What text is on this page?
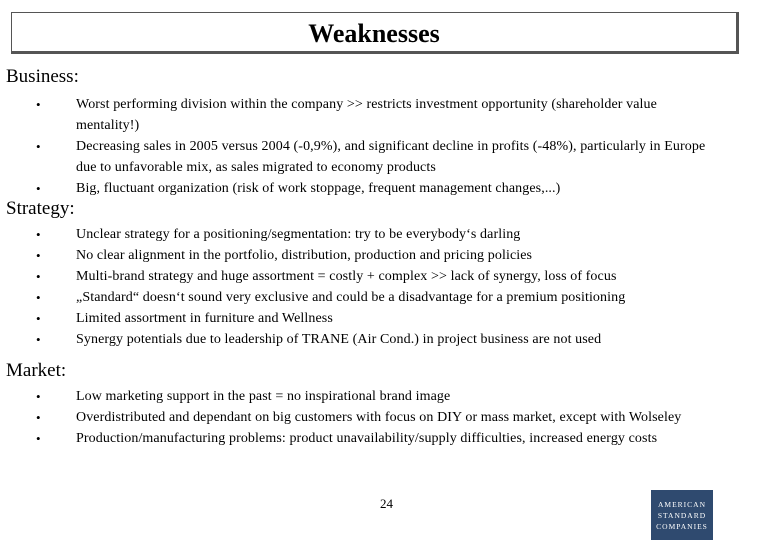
Weaknesses
Business:
•	Worst performing division within the company >> restricts investment opportunity (shareholder value mentality!)
•	Decreasing sales in 2005 versus 2004 (-0,9%), and significant decline in profits (-48%), particularly in Europe due to unfavorable mix, as sales migrated to economy products
•	Big, fluctuant organization (risk of work stoppage, frequent management changes,...)
Strategy:
•	Unclear strategy for a positioning/segmentation: try to be everybody‘s darling
•	No clear alignment in the portfolio, distribution, production and pricing policies
•	Multi-brand strategy and huge assortment = costly + complex >> lack of synergy, loss of focus
•	„Standard“ doesn‘t sound very exclusive and could be a disadvantage for a premium positioning
•	Limited assortment in furniture and Wellness
•	Synergy potentials due to leadership of TRANE (Air Cond.) in project business are not used
Market:
•	Low marketing support in the past = no inspirational brand image
•	Overdistributed and dependant on big customers with focus on DIY or mass market, except with Wolseley
•	Production/manufacturing problems: product unavailability/supply difficulties, increased energy costs
24	AMERICAN
STANDARD
COMPANIES
